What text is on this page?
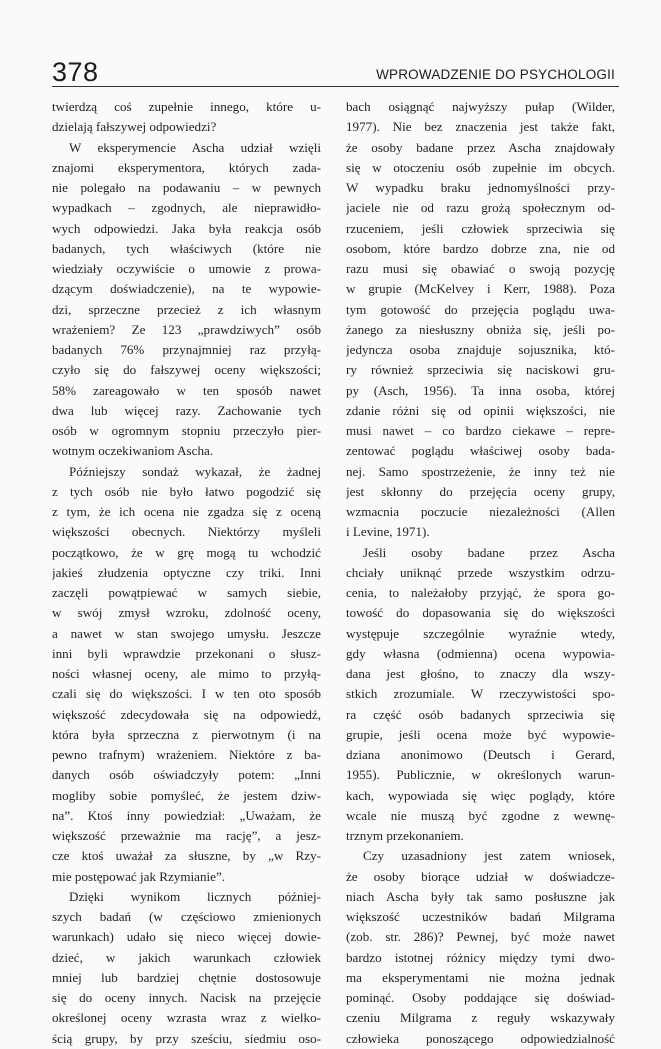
378	WPROWADZENIE DO PSYCHOLOGII
twierdzą coś zupełnie innego, które u-
dzielają fałszywej odpowiedzi?
W eksperymencie Ascha udział wzięli
znajomi eksperymentora, których zada-
nie polegało na podawaniu – w pewnych
wypadkach – zgodnych, ale nieprawidło-
wych odpowiedzi. Jaka była reakcja osób
badanych, tych właściwych (które nie
wiedziały oczywiście o umowie z prowa-
dzącym doświadczenie), na te wypowie-
dzi, sprzeczne przecież z ich własnym
wrażeniem? Ze 123 „prawdziwych” osób
badanych 76% przynajmniej raz przyłą-
czyło się do fałszywej oceny większości;
58% zareagowało w ten sposób nawet
dwa lub więcej razy. Zachowanie tych
osób w ogromnym stopniu przeczyło pier-
wotnym oczekiwaniom Ascha.
Późniejszy sondaż wykazał, że żadnej
z tych osób nie było łatwo pogodzić się
z tym, że ich ocena nie zgadza się z oceną
większości obecnych. Niektórzy myśleli
początkowo, że w grę mogą tu wchodzić
jakieś złudzenia optyczne czy triki. Inni
zaczęli powątpiewać w samych siebie,
w swój zmysł wzroku, zdolność oceny,
a nawet w stan swojego umysłu. Jeszcze
inni byli wprawdzie przekonani o słusz-
ności własnej oceny, ale mimo to przyłą-
czali się do większości. I w ten oto sposób
większość zdecydowała się na odpowiedź,
która była sprzeczna z pierwotnym (i na
pewno trafnym) wrażeniem. Niektóre z ba-
danych osób oświadczyły potem: „Inni
mogliby sobie pomyśleć, że jestem dziw-
na”. Ktoś inny powiedział: „Uważam, że
większość przeważnie ma rację”, a jesz-
cze ktoś uważał za słuszne, by „w Rzy-
mie postępować jak Rzymianie”.
Dzięki wynikom licznych później-
szych badań (w częściowo zmienionych
warunkach) udało się nieco więcej dowie-
dzieć, w jakich warunkach człowiek
mniej lub bardziej chętnie dostosowuje
się do oceny innych. Nacisk na przejęcie
określonej oceny wzrasta wraz z wielko-
ścią grupy, by przy sześciu, siedmiu oso-
bach osiągnąć najwyższy pułap (Wilder,
1977). Nie bez znaczenia jest także fakt,
że osoby badane przez Ascha znajdowały
się w otoczeniu osób zupełnie im obcych.
W wypadku braku jednomyślności przy-
jaciele nie od razu grożą społecznym od-
rzuceniem, jeśli człowiek sprzeciwia się
osobom, które bardzo dobrze zna, nie od
razu musi się obawiać o swoją pozycję
w grupie (McKelvey i Kerr, 1988). Poza
tym gotowość do przejęcia poglądu uwa-
żanego za niesłuszny obniża się, jeśli po-
jedyncza osoba znajduje sojusznika, któ-
ry również sprzeciwia się naciskowi gru-
py (Asch, 1956). Ta inna osoba, której
zdanie różni się od opinii większości, nie
musi nawet – co bardzo ciekawe – repre-
zentować poglądu właściwej osoby bada-
nej. Samo spostrzeżenie, że inny też nie
jest skłonny do przejęcia oceny grupy,
wzmacnia poczucie niezależności (Allen
i Levine, 1971).
Jeśli osoby badane przez Ascha
chciały uniknąć przede wszystkim odrzu-
cenia, to należałoby przyjąć, że spora go-
towość do dopasowania się do większości
występuje szczególnie wyraźnie wtedy,
gdy własna (odmienna) ocena wypowia-
dana jest głośno, to znaczy dla wszy-
stkich zrozumiale. W rzeczywistości spo-
ra część osób badanych sprzeciwia się
grupie, jeśli ocena może być wypowie-
dziana anonimowo (Deutsch i Gerard,
1955). Publicznie, w określonych warun-
kach, wypowiada się więc poglądy, które
wcale nie muszą być zgodne z wewnę-
trznym przekonaniem.
Czy uzasadniony jest zatem wniosek,
że osoby biorące udział w doświadcze-
niach Ascha były tak samo posłuszne jak
większość uczestników badań Milgrama
(zob. str. 286)? Pewnej, być może nawet
bardzo istotnej różnicy między tymi dwo-
ma eksperymentami nie można jednak
pominąć. Osoby poddające się doświad-
czeniu Milgrama z reguły wskazywały
człowieka ponoszącego odpowiedzialność
